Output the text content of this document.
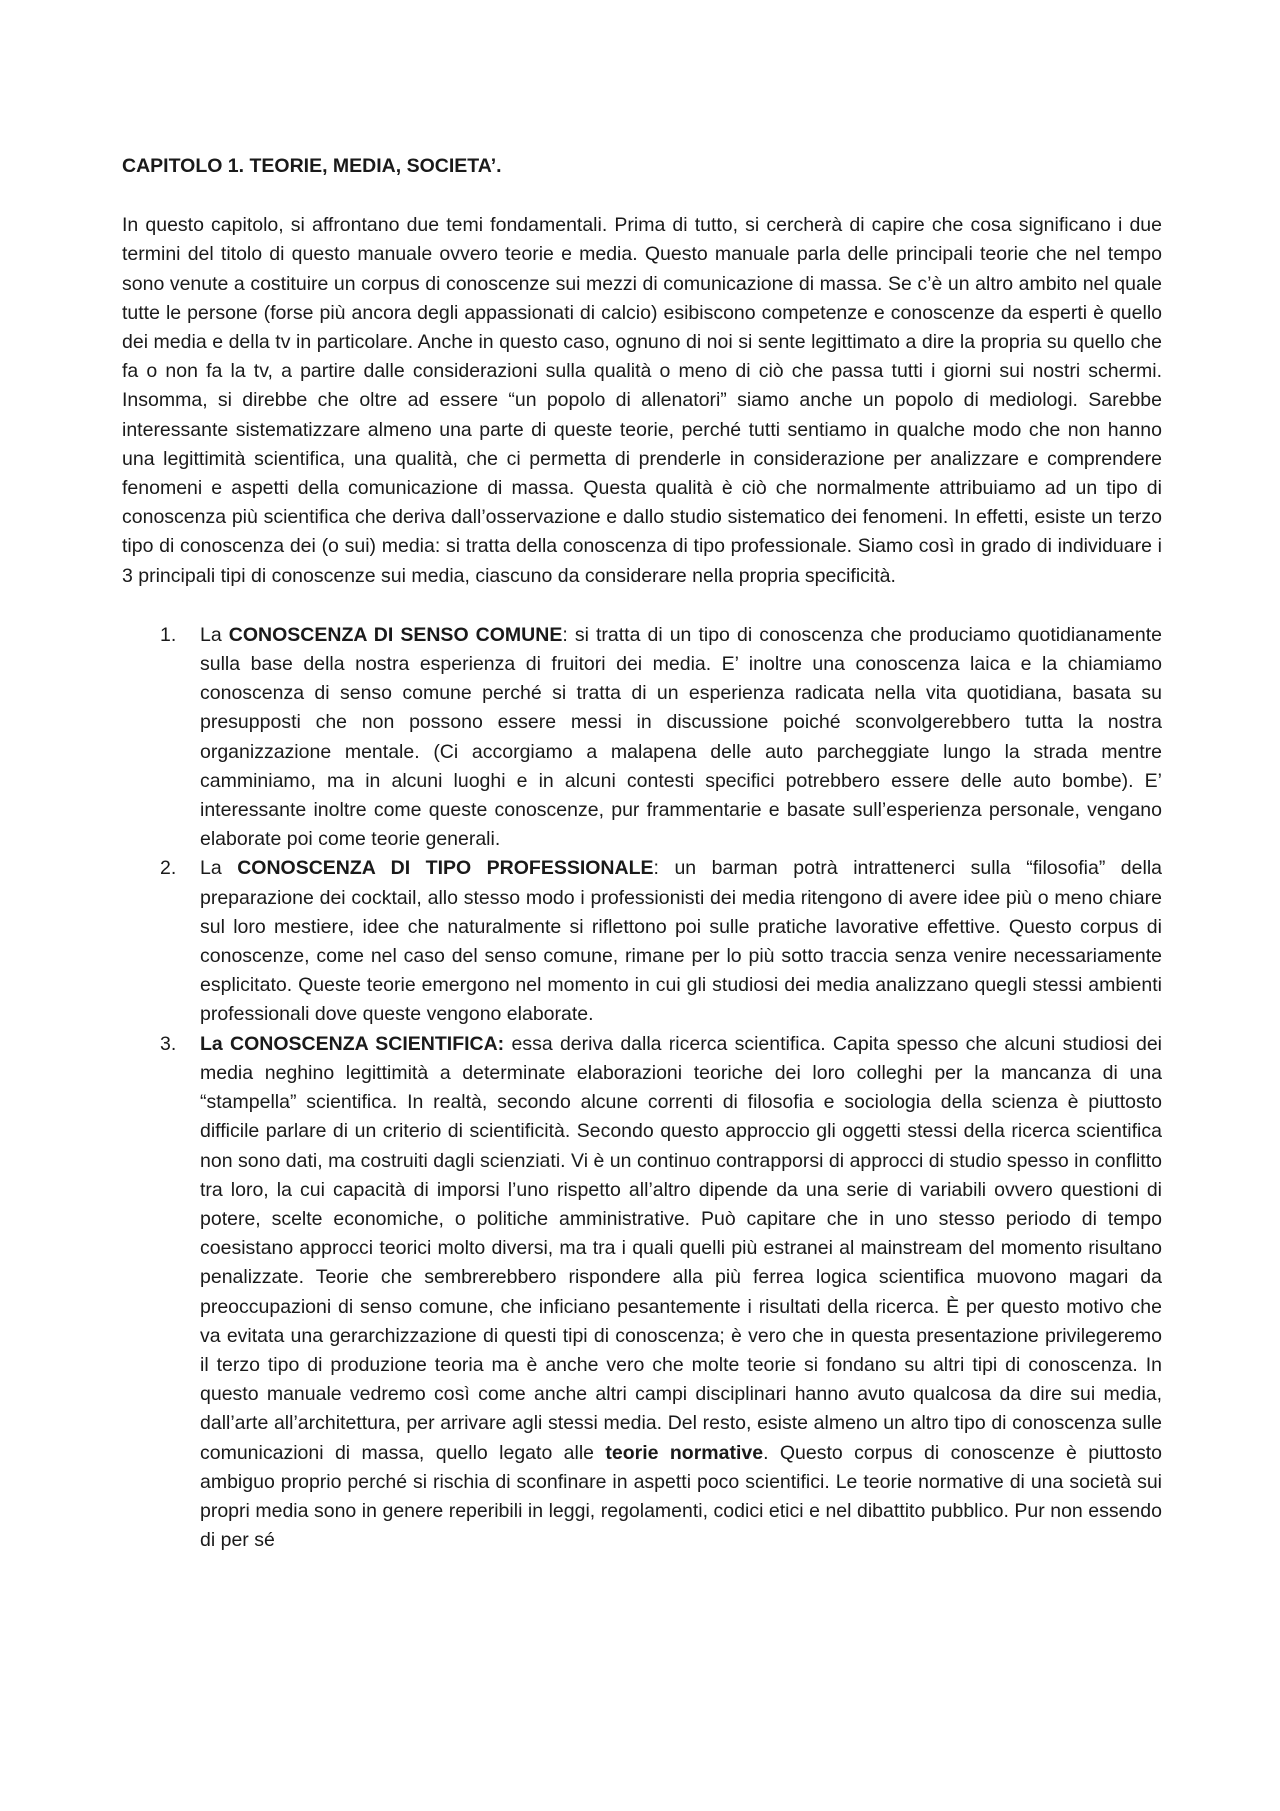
CAPITOLO 1. TEORIE, MEDIA, SOCIETA’.

In questo capitolo, si affrontano due temi fondamentali. Prima di tutto, si cercherà di capire che cosa significano i due termini del titolo di questo manuale ovvero teorie e media. Questo manuale parla delle principali teorie che nel tempo sono venute a costituire un corpus di conoscenze sui mezzi di comunicazione di massa. Se c’è un altro ambito nel quale tutte le persone (forse più ancora degli appassionati di calcio) esibiscono competenze e conoscenze da esperti è quello dei media e della tv in particolare. Anche in questo caso, ognuno di noi si sente legittimato a dire la propria su quello che fa o non fa la tv, a partire dalle considerazioni sulla qualità o meno di ciò che passa tutti i giorni sui nostri schermi. Insomma, si direbbe che oltre ad essere “un popolo di allenatori” siamo anche un popolo di mediologi. Sarebbe interessante sistematizzare almeno una parte di queste teorie, perché tutti sentiamo in qualche modo che non hanno una legittimità scientifica, una qualità, che ci permetta di prenderle in considerazione per analizzare e comprendere fenomeni e aspetti della comunicazione di massa. Questa qualità è ciò che normalmente attribuiamo ad un tipo di conoscenza più scientifica che deriva dall’osservazione e dallo studio sistematico dei fenomeni. In effetti, esiste un terzo tipo di conoscenza dei (o sui) media: si tratta della conoscenza di tipo professionale. Siamo così in grado di individuare i 3 principali tipi di conoscenze sui media, ciascuno da considerare nella propria specificità.

1. La CONOSCENZA DI SENSO COMUNE: si tratta di un tipo di conoscenza che produciamo quotidianamente sulla base della nostra esperienza di fruitori dei media. E’ inoltre una conoscenza laica e la chiamiamo conoscenza di senso comune perché si tratta di un esperienza radicata nella vita quotidiana, basata su presupposti che non possono essere messi in discussione poiché sconvolgerebbero tutta la nostra organizzazione mentale. (Ci accorgiamo a malapena delle auto parcheggiate lungo la strada mentre camminiamo, ma in alcuni luoghi e in alcuni contesti specifici potrebbero essere delle auto bombe). E’ interessante inoltre come queste conoscenze, pur frammentarie e basate sull’esperienza personale, vengano elaborate poi come teorie generali.
2. La CONOSCENZA DI TIPO PROFESSIONALE: un barman potrà intrattenerci sulla “filosofia” della preparazione dei cocktail, allo stesso modo i professionisti dei media ritengono di avere idee più o meno chiare sul loro mestiere, idee che naturalmente si riflettono poi sulle pratiche lavorative effettive. Questo corpus di conoscenze, come nel caso del senso comune, rimane per lo più sotto traccia senza venire necessariamente esplicitato. Queste teorie emergono nel momento in cui gli studiosi dei media analizzano quegli stessi ambienti professionali dove queste vengono elaborate.
3. La CONOSCENZA SCIENTIFICA: essa deriva dalla ricerca scientifica. Capita spesso che alcuni studiosi dei media neghino legittimità a determinate elaborazioni teoriche dei loro colleghi per la mancanza di una “stampella” scientifica. In realtà, secondo alcune correnti di filosofia e sociologia della scienza è piuttosto difficile parlare di un criterio di scientificità. Secondo questo approccio gli oggetti stessi della ricerca scientifica non sono dati, ma costruiti dagli scienziati. Vi è un continuo contrapporsi di approcci di studio spesso in conflitto tra loro, la cui capacità di imporsi l’uno rispetto all’altro dipende da una serie di variabili ovvero questioni di potere, scelte economiche, o politiche amministrative. Può capitare che in uno stesso periodo di tempo coesistano approcci teorici molto diversi, ma tra i quali quelli più estranei al mainstream del momento risultano penalizzate. Teorie che sembrerebbero rispondere alla più ferrea logica scientifica muovono magari da preoccupazioni di senso comune, che inficiano pesantemente i risultati della ricerca. È per questo motivo che va evitata una gerarchizzazione di questi tipi di conoscenza; è vero che in questa presentazione privilegeremo il terzo tipo di produzione teoria ma è anche vero che molte teorie si fondano su altri tipi di conoscenza. In questo manuale vedremo così come anche altri campi disciplinari hanno avuto qualcosa da dire sui media, dall’arte all’architettura, per arrivare agli stessi media. Del resto, esiste almeno un altro tipo di conoscenza sulle comunicazioni di massa, quello legato alle teorie normative. Questo corpus di conoscenze è piuttosto ambiguo proprio perché si rischia di sconfinare in aspetti poco scientifici. Le teorie normative di una società sui propri media sono in genere reperibili in leggi, regolamenti, codici etici e nel dibattito pubblico. Pur non essendo di per sé
